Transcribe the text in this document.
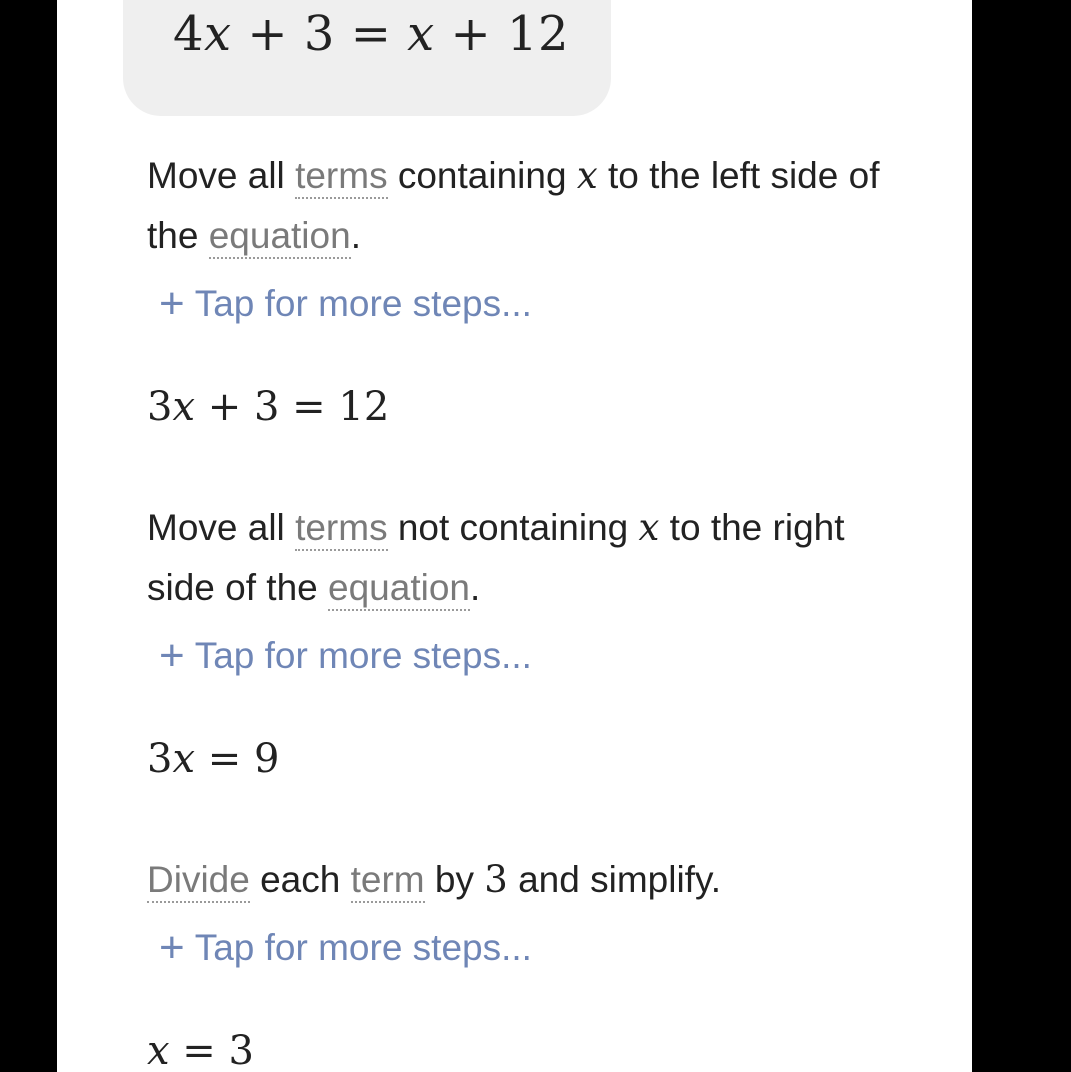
4x + 3 = x + 12
Move all terms containing x to the left side of the equation.
+ Tap for more steps...
3x + 3 = 12
Move all terms not containing x to the right side of the equation.
+ Tap for more steps...
3x = 9
Divide each term by 3 and simplify.
+ Tap for more steps...
x = 3
